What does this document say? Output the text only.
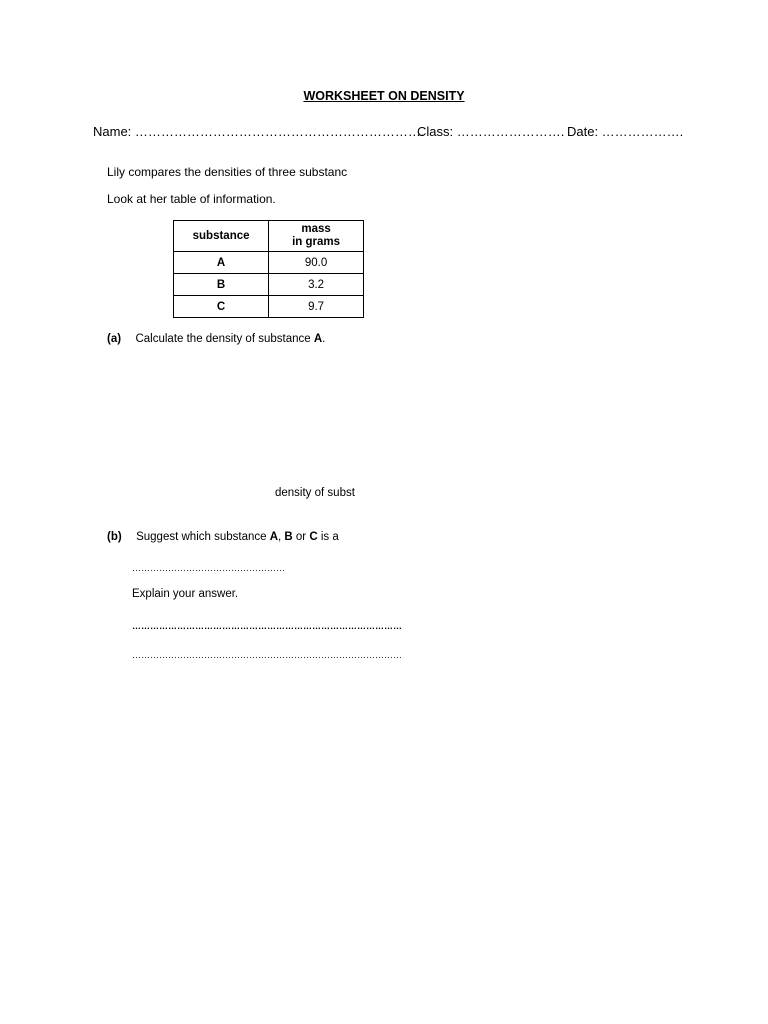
WORKSHEET ON DENSITY
Name: ………………………………………………………….
Class: ……………………. Date: ……………….
Lily compares the densities of three substanc
Look at her table of information.
substance	mass
in grams
A	90.0
B	3.2
C	9.7
(a) Calculate the density of substance A.
density of subst
(b) Suggest which substance A, B or C is a
……………………………………………
Explain your answer.
………………………………………………………………………………
………………………………………………………………………………
